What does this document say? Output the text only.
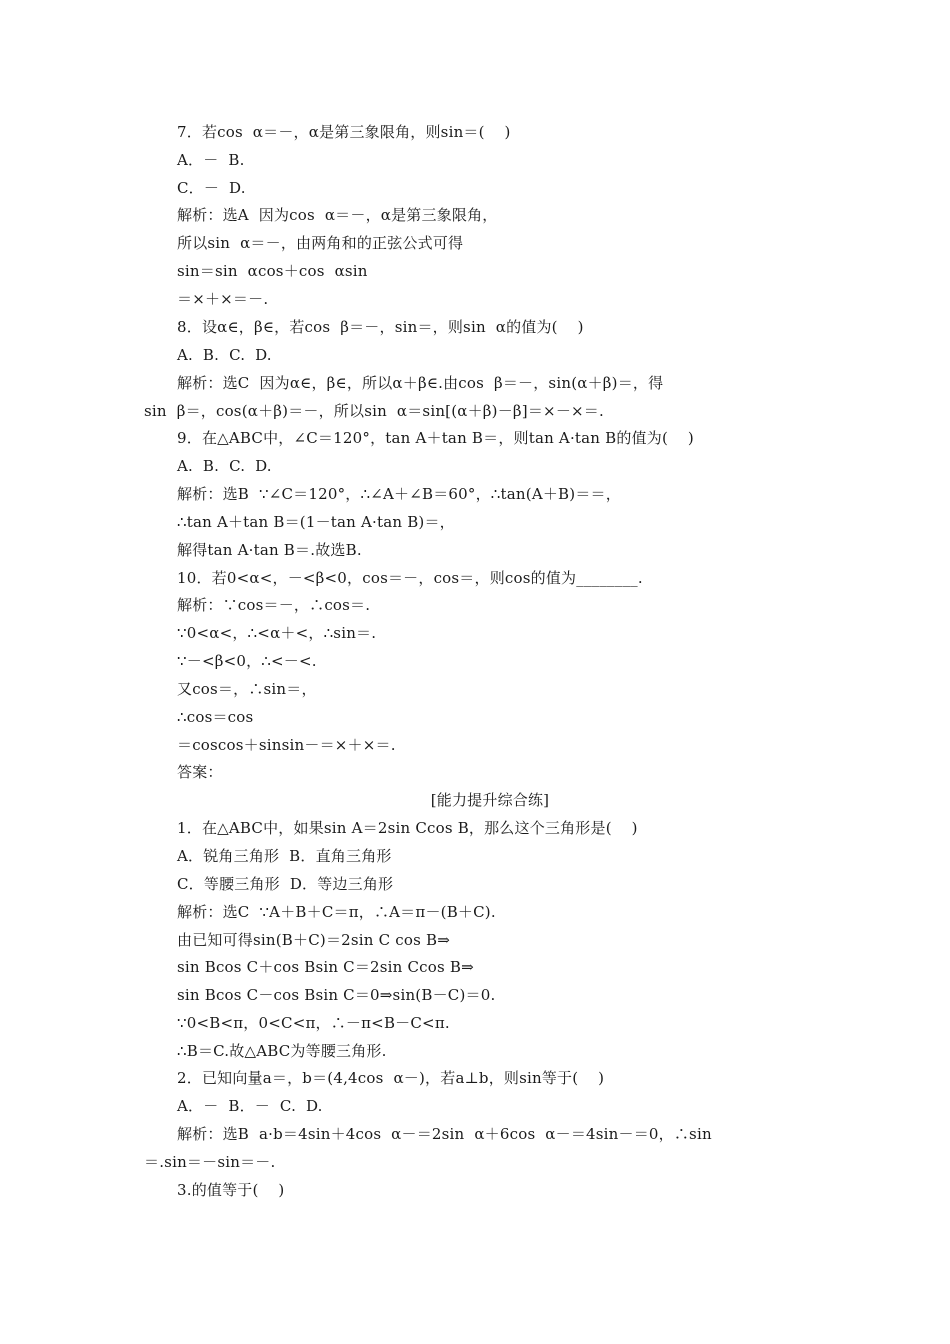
7．若cos  α＝－，α是第三象限角，则sin＝(    )
A．－  B.
C．－  D.
解析：选A  因为cos  α＝－，α是第三象限角，
所以sin  α＝－，由两角和的正弦公式可得
sin＝sin  αcos＋cos  αsin
＝×＋×＝－.
8．设α∈，β∈，若cos  β＝－，sin＝，则sin  α的值为(    )
A.  B.  C.  D.
解析：选C  因为α∈，β∈，所以α＋β∈.由cos  β＝－，sin(α＋β)＝，得
sin  β＝，cos(α＋β)＝－，所以sin  α＝sin[(α＋β)－β]＝×－×＝.
9．在△ABC中，∠C＝120°，tan A＋tan B＝，则tan A·tan B的值为(    )
A.  B.  C.  D.
解析：选B  ∵∠C＝120°，∴∠A＋∠B＝60°，∴tan(A＋B)＝＝，
∴tan A＋tan B＝(1－tan A·tan B)＝，
解得tan A·tan B＝.故选B.
10．若0<α<，－<β<0，cos＝－，cos＝，则cos的值为________.
解析：∵cos＝－，∴cos＝.
∵0<α<，∴<α＋<，∴sin＝.
∵－<β<0，∴<－<.
又cos＝，∴sin＝，
∴cos＝cos
＝coscos＋sinsin－＝×＋×＝.
答案：
[能力提升综合练]
1．在△ABC中，如果sin A＝2sin Ccos B，那么这个三角形是(    )
A．锐角三角形  B．直角三角形
C．等腰三角形  D．等边三角形
解析：选C  ∵A＋B＋C＝π，∴A＝π－(B＋C).
由已知可得sin(B＋C)＝2sin C cos B⇒
sin Bcos C＋cos Bsin C＝2sin Ccos B⇒
sin Bcos C－cos Bsin C＝0⇒sin(B－C)＝0.
∵0<B<π，0<C<π，∴－π<B－C<π.
∴B＝C.故△ABC为等腰三角形.
2．已知向量a＝，b＝(4,4cos  α－)，若a⊥b，则sin等于(    )
A．－  B．－  C.  D.
解析：选B  a·b＝4sin＋4cos  α－＝2sin  α＋6cos  α－＝4sin－＝0，∴sin
＝.sin＝－sin＝－.
3.的值等于(    )
